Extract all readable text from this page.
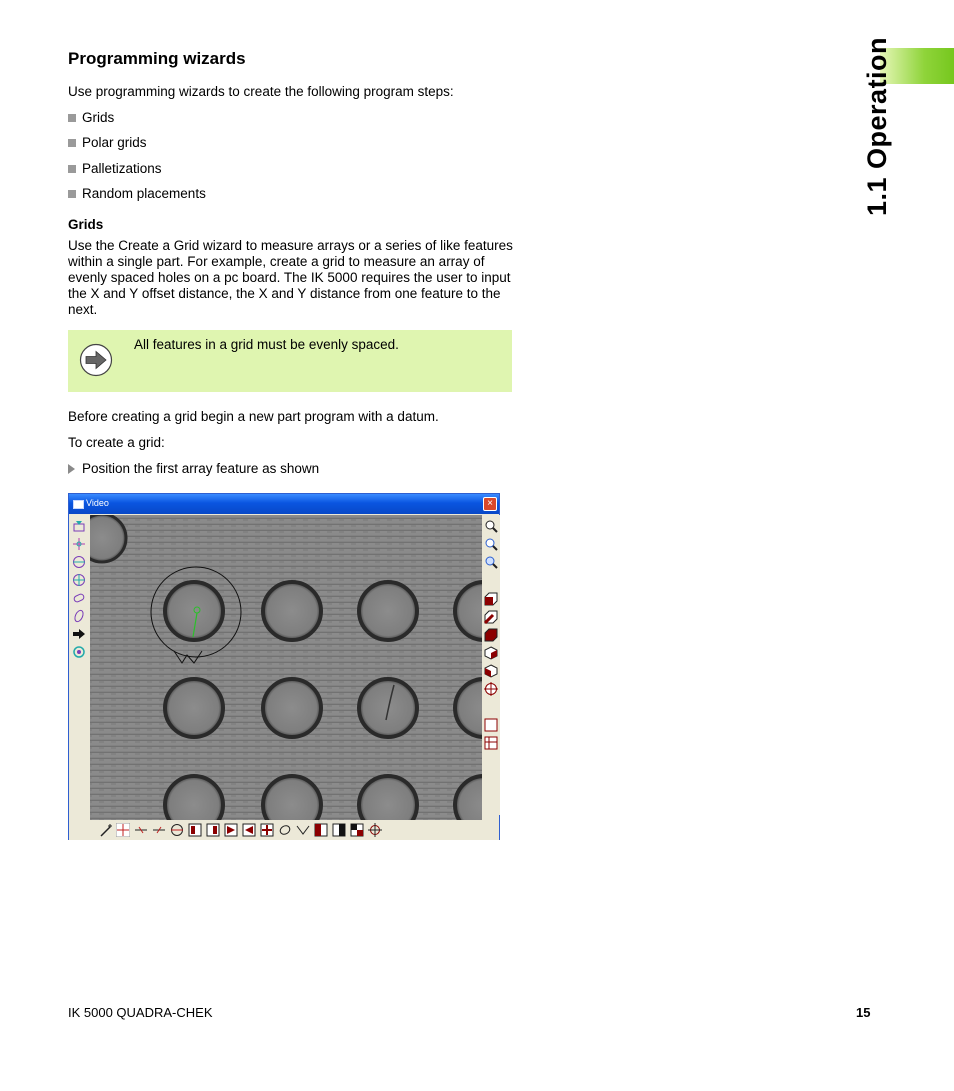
Programming wizards
Use programming wizards to create the following program steps:
Grids
Polar grids
Palletizations
Random placements
Grids
Use the Create a Grid wizard to measure arrays or a series of like features within a single part. For example, create a grid to measure an array of evenly spaced holes on a pc board. The IK 5000 requires the user to input the X and Y offset distance, the X and Y distance from one feature to the next.
All features in a grid must be evenly spaced.
Before creating a grid begin a new part program with a datum.
To create a grid:
Position the first array feature as shown
Video	×
1.1 Operation
IK 5000 QUADRA-CHEK	15
